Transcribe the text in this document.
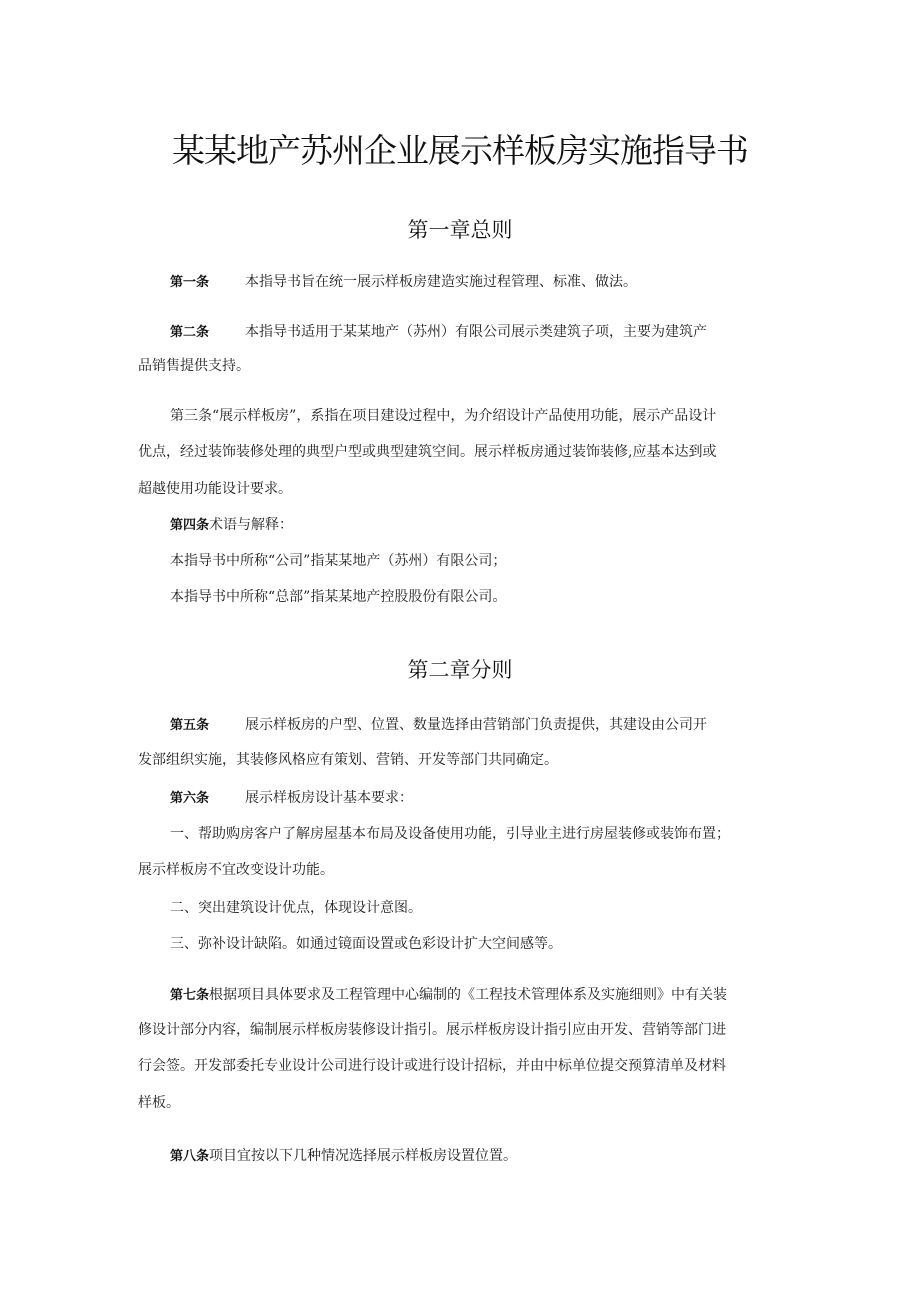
某某地产苏州企业展示样板房实施指导书
第一章总则
第一条	本指导书旨在统一展示样板房建造实施过程管理、标准、做法。
第二条	本指导书适用于某某地产（苏州）有限公司展示类建筑子项，主要为建筑产
品销售提供支持。
第三条“展示样板房”，系指在项目建设过程中，为介绍设计产品使用功能，展示产品设计
优点，经过装饰装修处理的典型户型或典型建筑空间。展示样板房通过装饰装修,应基本达到或
超越使用功能设计要求。
第四条术语与解释：
本指导书中所称“公司”指某某地产（苏州）有限公司；
本指导书中所称“总部”指某某地产控股股份有限公司。
第二章分则
第五条	展示样板房的户型、位置、数量选择由营销部门负责提供，其建设由公司开
发部组织实施，其装修风格应有策划、营销、开发等部门共同确定。
第六条	展示样板房设计基本要求：
一、帮助购房客户了解房屋基本布局及设备使用功能，引导业主进行房屋装修或装饰布置；
展示样板房不宜改变设计功能。
二、突出建筑设计优点，体现设计意图。
三、弥补设计缺陷。如通过镜面设置或色彩设计扩大空间感等。
第七条根据项目具体要求及工程管理中心编制的《工程技术管理体系及实施细则》中有关装
修设计部分内容，编制展示样板房装修设计指引。展示样板房设计指引应由开发、营销等部门进
行会签。开发部委托专业设计公司进行设计或进行设计招标，并由中标单位提交预算清单及材料
样板。
第八条项目宜按以下几种情况选择展示样板房设置位置。
